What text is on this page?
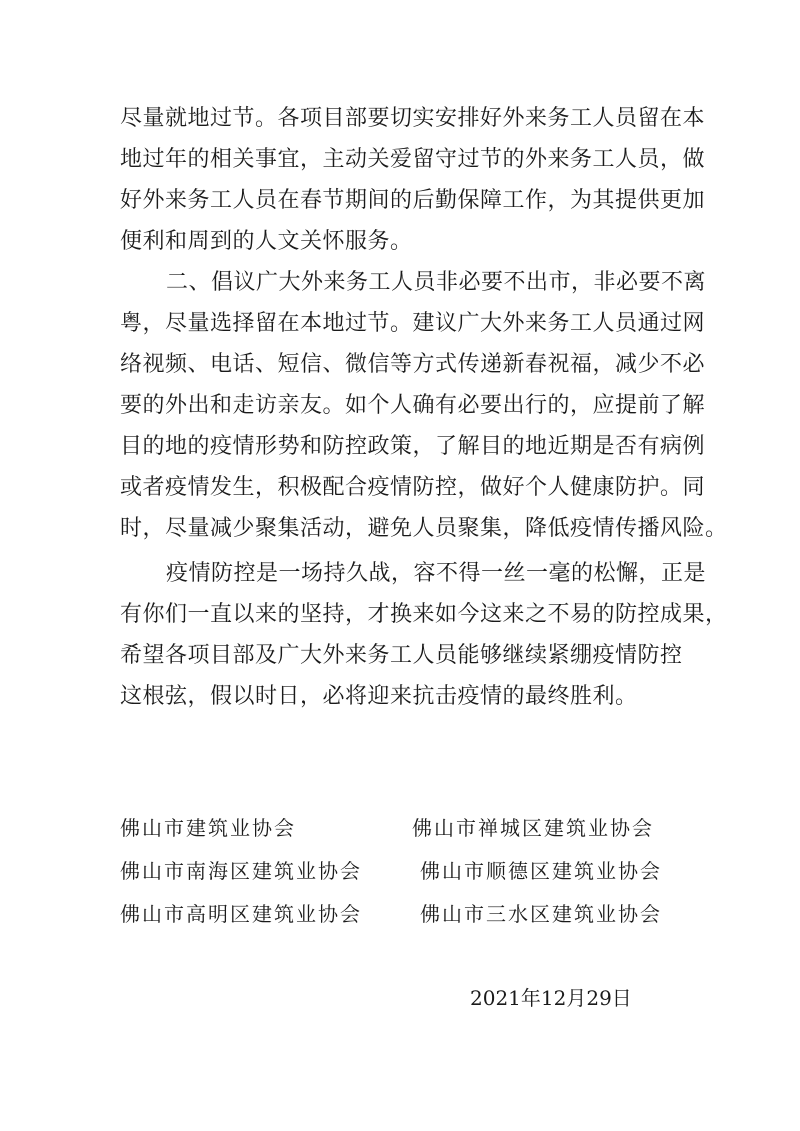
尽量就地过节。各项目部要切实安排好外来务工人员留在本
地过年的相关事宜，主动关爱留守过节的外来务工人员，做
好外来务工人员在春节期间的后勤保障工作，为其提供更加
便利和周到的人文关怀服务。
二、倡议广大外来务工人员非必要不出市，非必要不离
粤，尽量选择留在本地过节。建议广大外来务工人员通过网
络视频、电话、短信、微信等方式传递新春祝福，减少不必
要的外出和走访亲友。如个人确有必要出行的，应提前了解
目的地的疫情形势和防控政策，了解目的地近期是否有病例
或者疫情发生，积极配合疫情防控，做好个人健康防护。同
时，尽量减少聚集活动，避免人员聚集，降低疫情传播风险。
疫情防控是一场持久战，容不得一丝一毫的松懈，正是
有你们一直以来的坚持，才换来如今这来之不易的防控成果，
希望各项目部及广大外来务工人员能够继续紧绷疫情防控
这根弦，假以时日，必将迎来抗击疫情的最终胜利。
佛山市建筑业协会	佛山市禅城区建筑业协会
佛山市南海区建筑业协会	佛山市顺德区建筑业协会
佛山市高明区建筑业协会	佛山市三水区建筑业协会
2021年12月29日
